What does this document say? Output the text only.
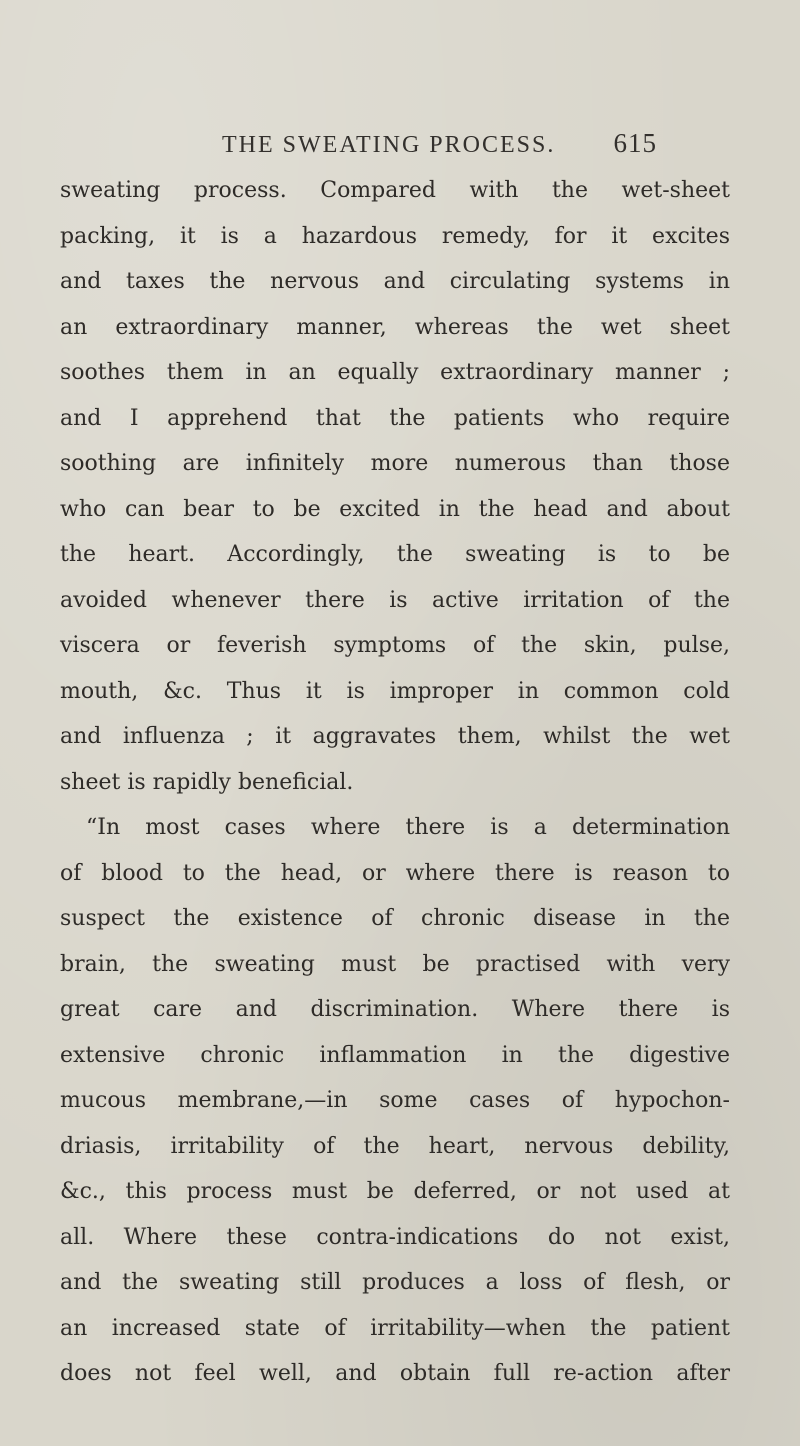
THE SWEATING PROCESS. 615
sweating process. Compared with the wet-sheet
packing, it is a hazardous remedy, for it excites
and taxes the nervous and circulating systems in
an extraordinary manner, whereas the wet sheet
soothes them in an equally extraordinary manner ;
and I apprehend that the patients who require
soothing are infinitely more numerous than those
who can bear to be excited in the head and about
the heart. Accordingly, the sweating is to be
avoided whenever there is active irritation of the
viscera or feverish symptoms of the skin, pulse,
mouth, &c. Thus it is improper in common cold
and influenza ; it aggravates them, whilst the wet
sheet is rapidly beneficial.
“In most cases where there is a determination
of blood to the head, or where there is reason to
suspect the existence of chronic disease in the
brain, the sweating must be practised with very
great care and discrimination. Where there is
extensive chronic inflammation in the digestive
mucous membrane,—in some cases of hypochon-
driasis, irritability of the heart, nervous debility,
&c., this process must be deferred, or not used at
all. Where these contra-indications do not exist,
and the sweating still produces a loss of flesh, or
an increased state of irritability—when the patient
does not feel well, and obtain full re-action after
